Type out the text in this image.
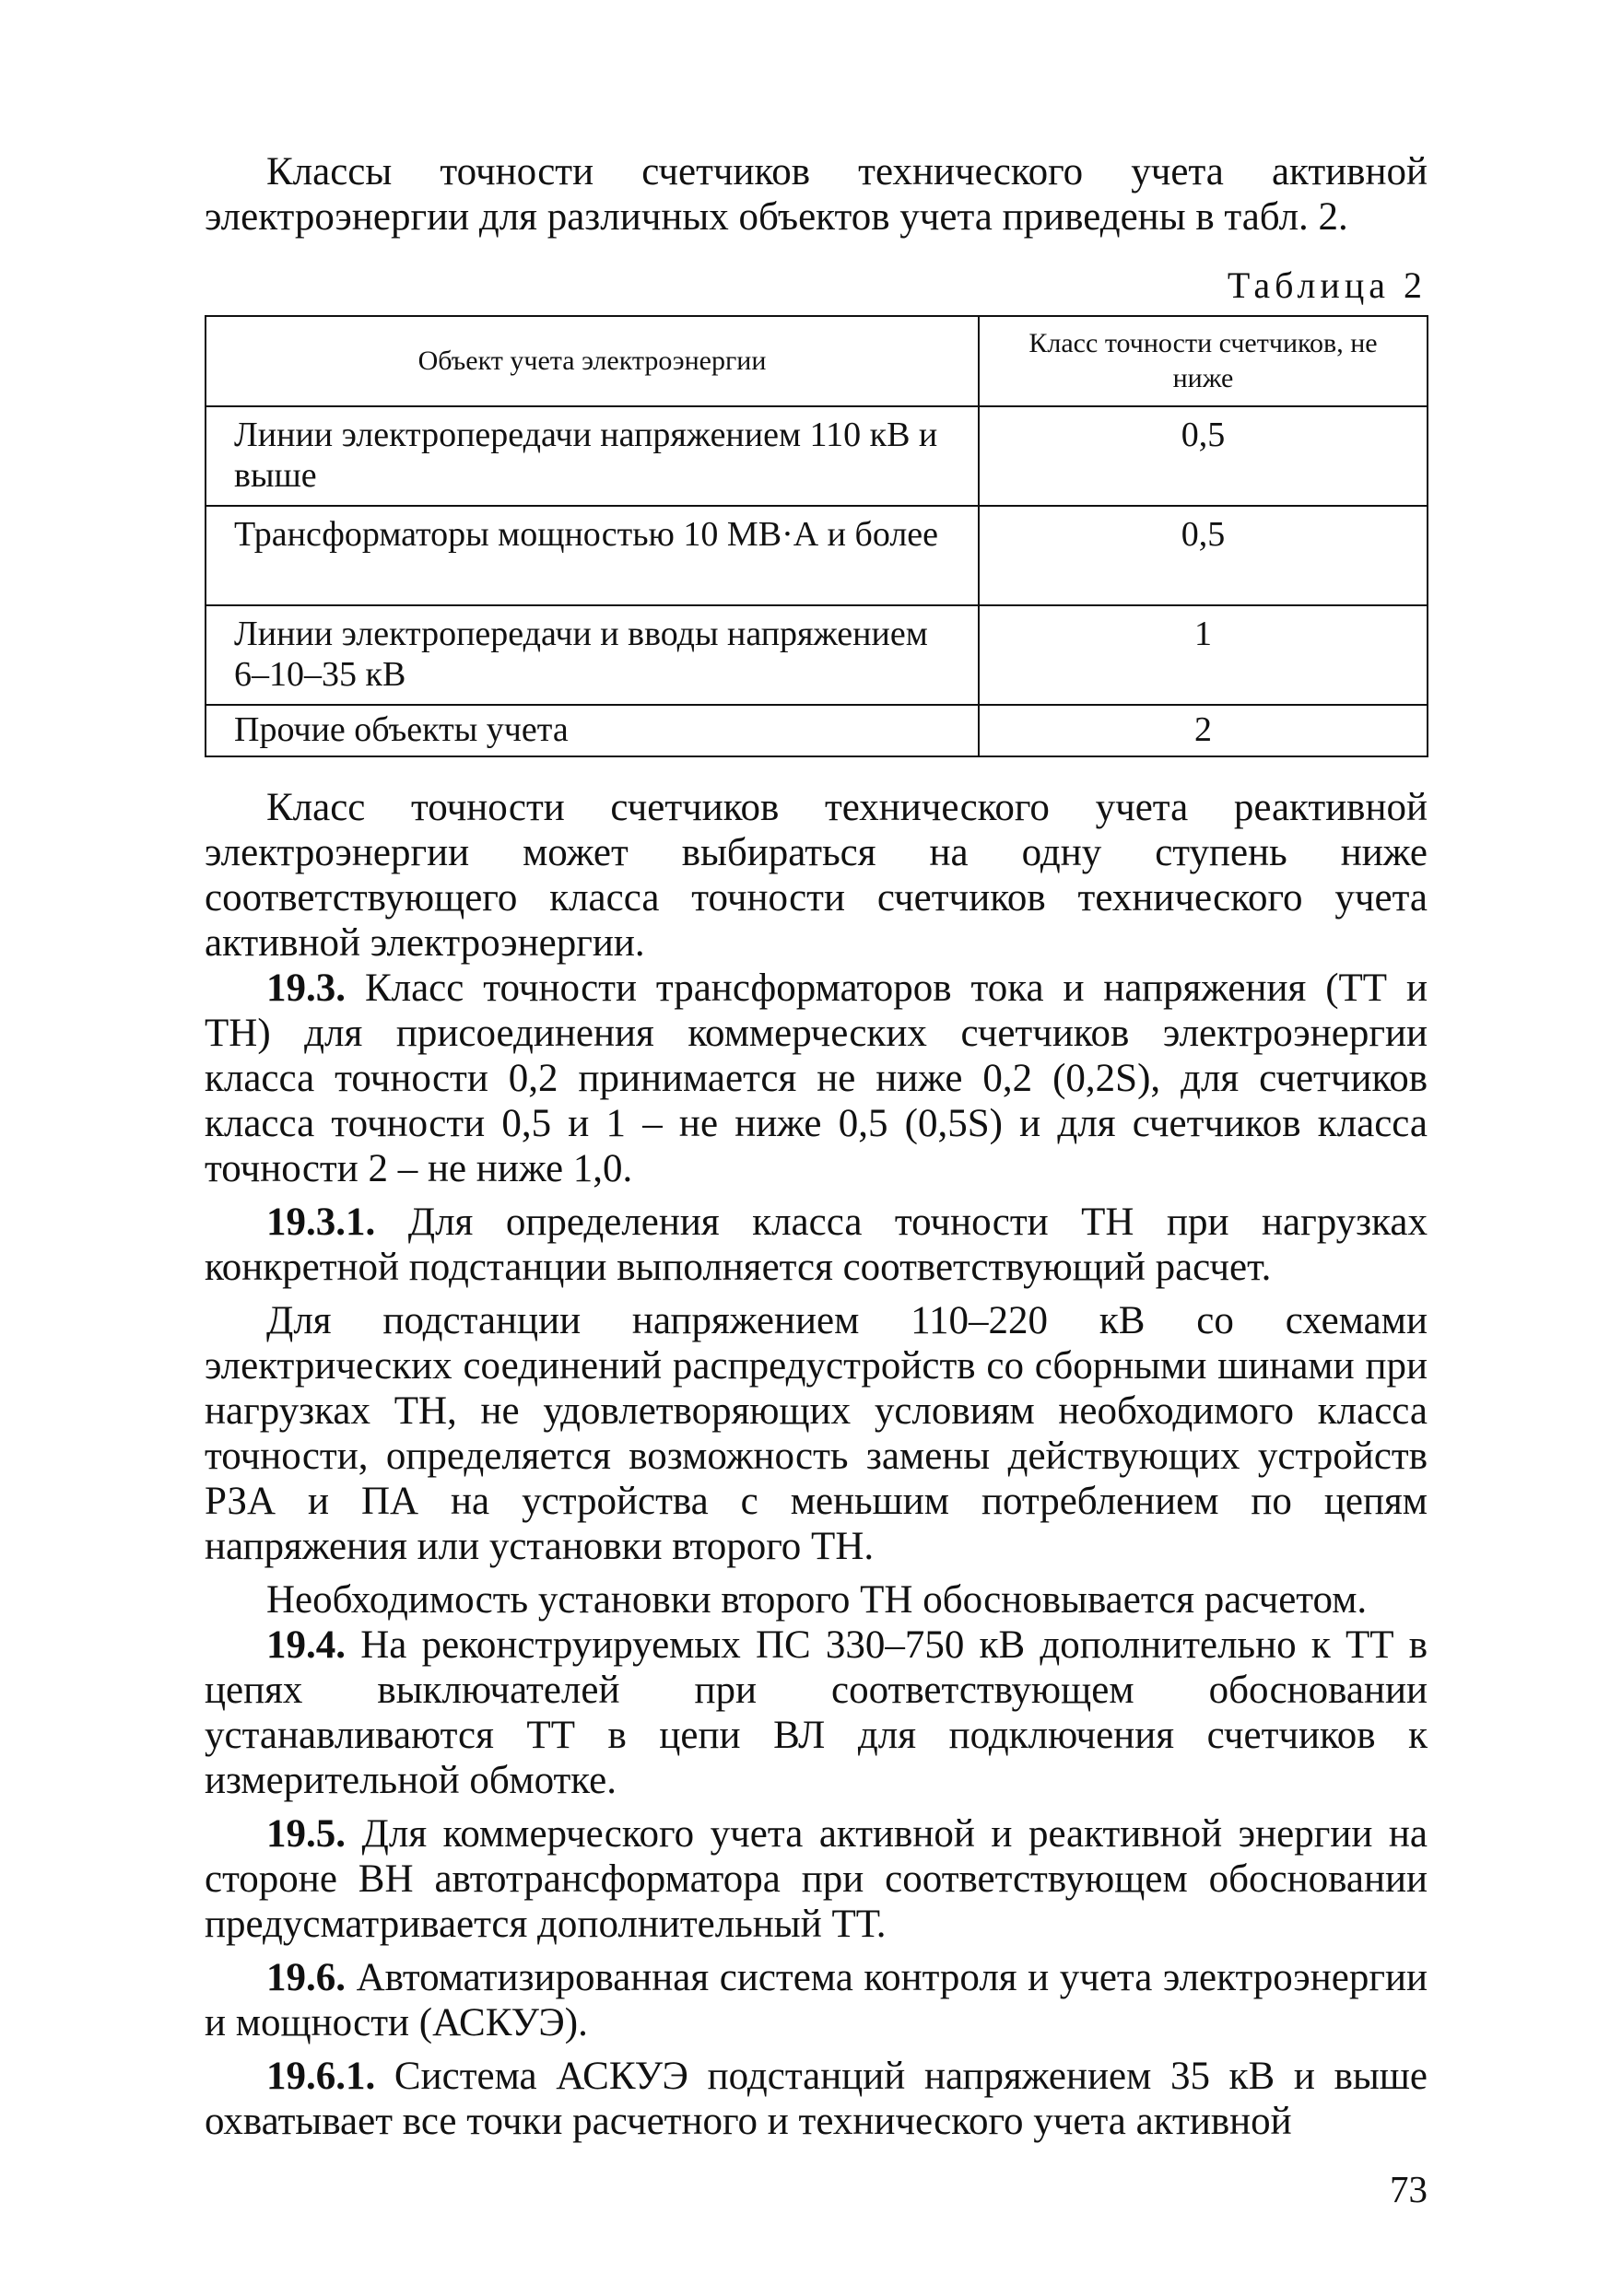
Классы точности счетчиков технического учета активной электроэнергии для различных объектов учета приведены в табл. 2.

Таблица 2
Объект учета электроэнергии	Класс точности счетчиков, не ниже
Линии электропередачи напряжением 110 кВ и выше	0,5
Трансформаторы мощностью 10 МВ·А и более	0,5
Линии электропередачи и вводы напряжением 6–10–35 кВ	1
Прочие объекты учета	2

Класс точности счетчиков технического учета реактивной электроэнергии может выбираться на одну ступень ниже соответствующего класса точности счетчиков технического учета активной электроэнергии.

19.3. Класс точности трансформаторов тока и напряжения (ТТ и ТН) для присоединения коммерческих счетчиков электроэнергии класса точности 0,2 принимается не ниже 0,2 (0,2S), для счетчиков класса точности 0,5 и 1 – не ниже 0,5 (0,5S) и для счетчиков класса точности 2 – не ниже 1,0.

19.3.1. Для определения класса точности ТН при нагрузках конкретной подстанции выполняется соответствующий расчет.

Для подстанции напряжением 110–220 кВ со схемами электрических соединений распредустройств со сборными шинами при нагрузках ТН, не удовлетворяющих условиям необходимого класса точности, определяется возможность замены действующих устройств РЗА и ПА на устройства с меньшим потреблением по цепям напряжения или установки второго ТН.

Необходимость установки второго ТН обосновывается расчетом.

19.4. На реконструируемых ПС 330–750 кВ дополнительно к ТТ в цепях выключателей при соответствующем обосновании устанавливаются ТТ в цепи ВЛ для подключения счетчиков к измерительной обмотке.

19.5. Для коммерческого учета активной и реактивной энергии на стороне ВН автотрансформатора при соответствующем обосновании предусматривается дополнительный ТТ.

19.6. Автоматизированная система контроля и учета электроэнергии и мощности (АСКУЭ).

19.6.1. Система АСКУЭ подстанций напряжением 35 кВ и выше охватывает все точки расчетного и технического учета активной

73
